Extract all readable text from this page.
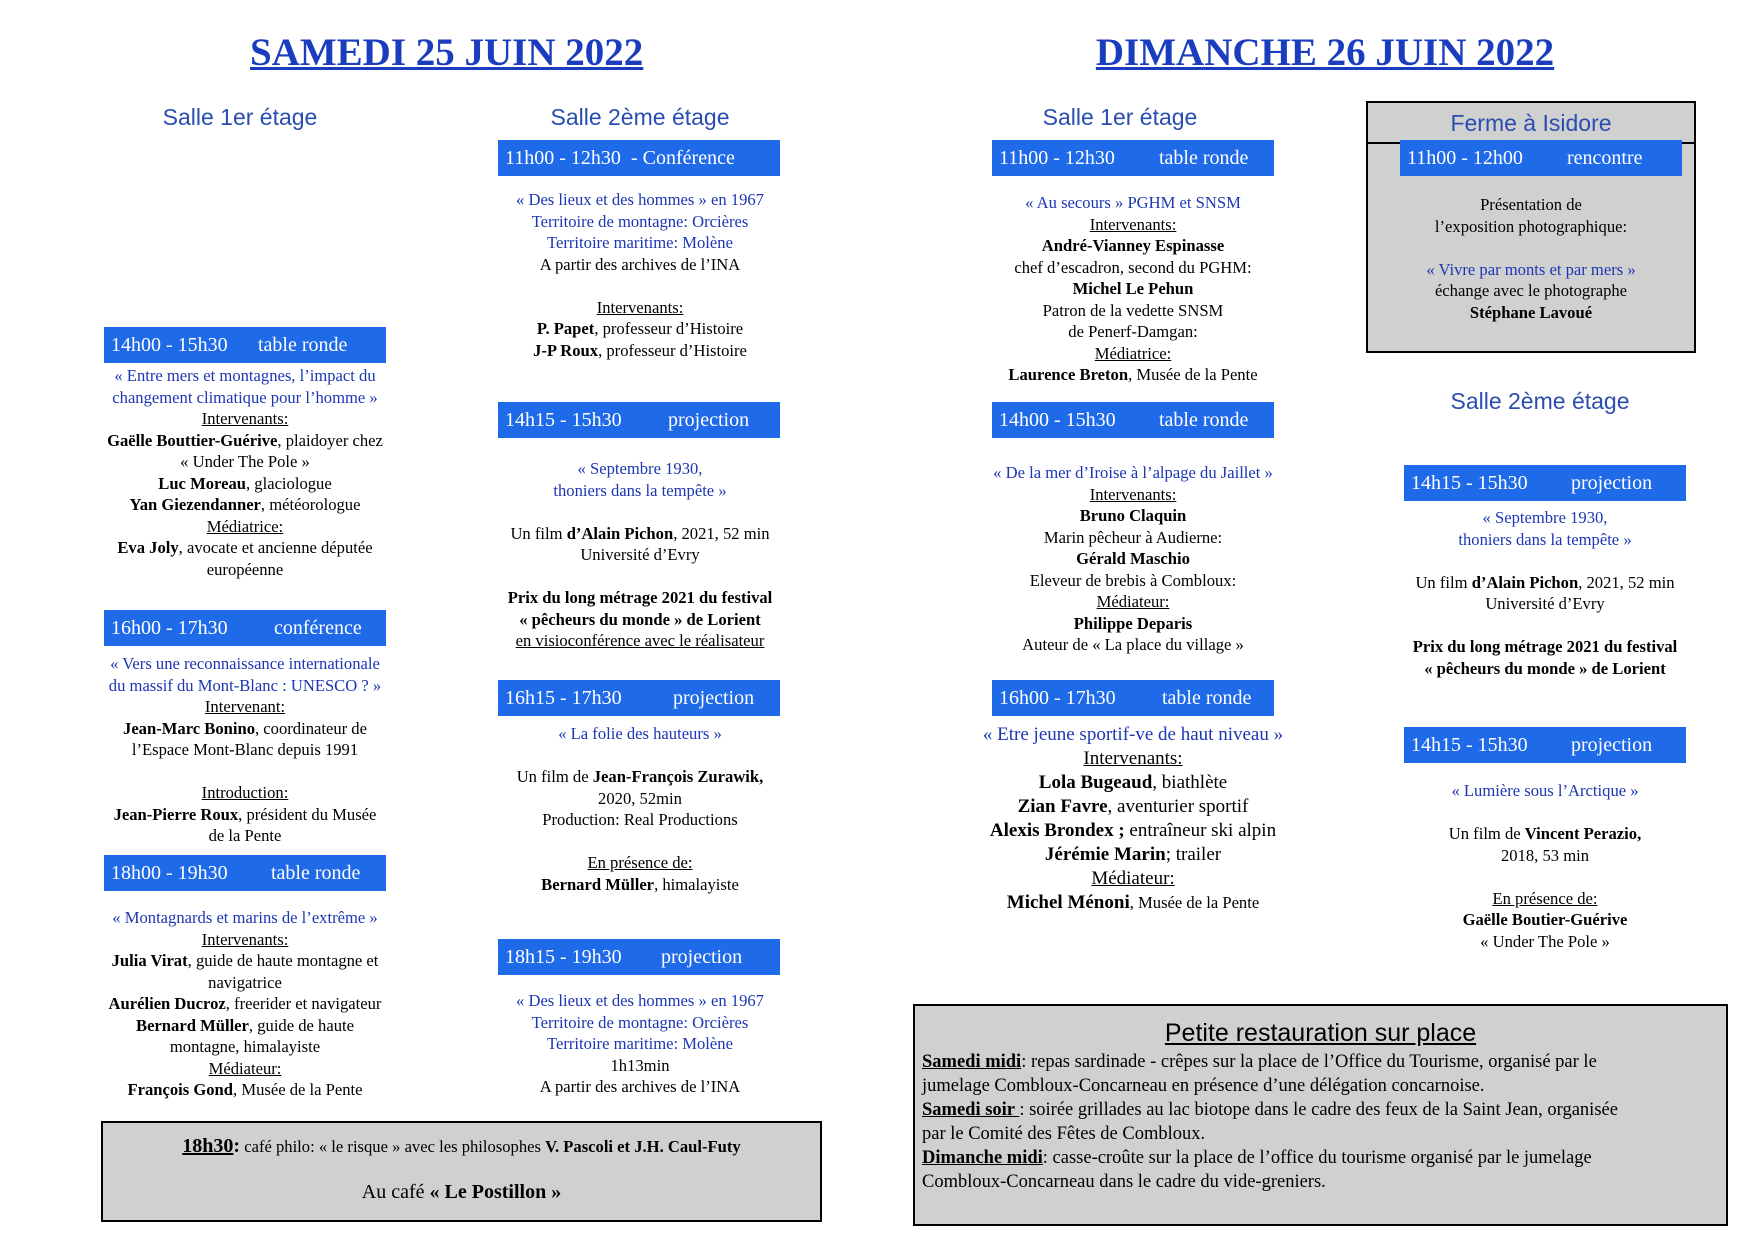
SAMEDI 25 JUIN 2022
Salle 1er étage	Salle 2ème étage
14h00 - 15h30 table ronde
« Entre mers et montagnes, l’impact du
changement climatique pour l’homme »
Intervenants:
Gaëlle Bouttier-Guérive, plaidoyer chez
« Under The Pole »
Luc Moreau, glaciologue
Yan Giezendanner, météorologue
Médiatrice:
Eva Joly, avocate et ancienne députée
européenne
16h00 - 17h30 conférence
« Vers une reconnaissance internationale
du massif du Mont-Blanc : UNESCO ? »
Intervenant:
Jean-Marc Bonino, coordinateur de
l’Espace Mont-Blanc depuis 1991

Introduction:
Jean-Pierre Roux, président du Musée
de la Pente
18h00 - 19h30 table ronde
« Montagnards et marins de l’extrême »
Intervenants:
Julia Virat, guide de haute montagne et
navigatrice
Aurélien Ducroz, freerider et navigateur
Bernard Müller, guide de haute
montagne, himalayiste
Médiateur:
François Gond, Musée de la Pente
11h00 - 12h30 - Conférence
« Des lieux et des hommes » en 1967
Territoire de montagne: Orcières
Territoire maritime: Molène
A partir des archives de l’INA

Intervenants:
P. Papet, professeur d’Histoire
J-P Roux, professeur d’Histoire
14h15 - 15h30 projection
« Septembre 1930,
thoniers dans la tempête »

Un film d’Alain Pichon, 2021, 52 min
Université d’Evry

Prix du long métrage 2021 du festival
« pêcheurs du monde » de Lorient
en visioconférence avec le réalisateur
16h15 - 17h30	projection
« La folie des hauteurs »

Un film de Jean-François Zurawik,
2020, 52min
Production: Real Productions

En présence de:
Bernard Müller, himalayiste
18h15 - 19h30 projection
« Des lieux et des hommes » en 1967
Territoire de montagne: Orcières
Territoire maritime: Molène
1h13min
A partir des archives de l’INA
18h30: café philo: « le risque » avec les philosophes V. Pascoli et J.H. Caul-Futy
Au café « Le Postillon »
DIMANCHE 26 JUIN 2022
Salle 1er étage
11h00 - 12h30 table ronde
« Au secours » PGHM et SNSM
Intervenants:
André-Vianney Espinasse
chef d’escadron, second du PGHM:
Michel Le Pehun
Patron de la vedette SNSM
de Penerf-Damgan:
Médiatrice:
Laurence Breton, Musée de la Pente
14h00 - 15h30 table ronde
« De la mer d’Iroise à l’alpage du Jaillet »
Intervenants:
Bruno Claquin
Marin pêcheur à Audierne:
Gérald Maschio
Eleveur de brebis à Combloux:
Médiateur:
Philippe Deparis
Auteur de « La place du village »
16h00 - 17h30 table ronde
« Etre jeune sportif-ve de haut niveau »
Intervenants:
Lola Bugeaud, biathlète
Zian Favre, aventurier sportif
Alexis Brondex ; entraîneur ski alpin
Jérémie Marin; trailer
Médiateur:
Michel Ménoni, Musée de la Pente
Ferme à Isidore
11h00 - 12h00 rencontre
Présentation de
l’exposition photographique:

« Vivre par monts et par mers »
échange avec le photographe
Stéphane Lavoué
Salle 2ème étage
14h15 - 15h30 projection
« Septembre 1930,
thoniers dans la tempête »

Un film d’Alain Pichon, 2021, 52 min
Université d’Evry

Prix du long métrage 2021 du festival
« pêcheurs du monde » de Lorient
14h15 - 15h30 projection
« Lumière sous l’Arctique »

Un film de Vincent Perazio,
2018, 53 min

En présence de:
Gaëlle Boutier-Guérive
« Under The Pole »
Petite restauration sur place
Samedi midi: repas sardinade - crêpes sur la place de l’Office du Tourisme, organisé par le
jumelage Combloux-Concarneau en présence d’une délégation concarnoise.
Samedi soir : soirée grillades au lac biotope dans le cadre des feux de la Saint Jean, organisée
par le Comité des Fêtes de Combloux.
Dimanche midi: casse-croûte sur la place de l’office du tourisme organisé par le jumelage
Combloux-Concarneau dans le cadre du vide-greniers.
